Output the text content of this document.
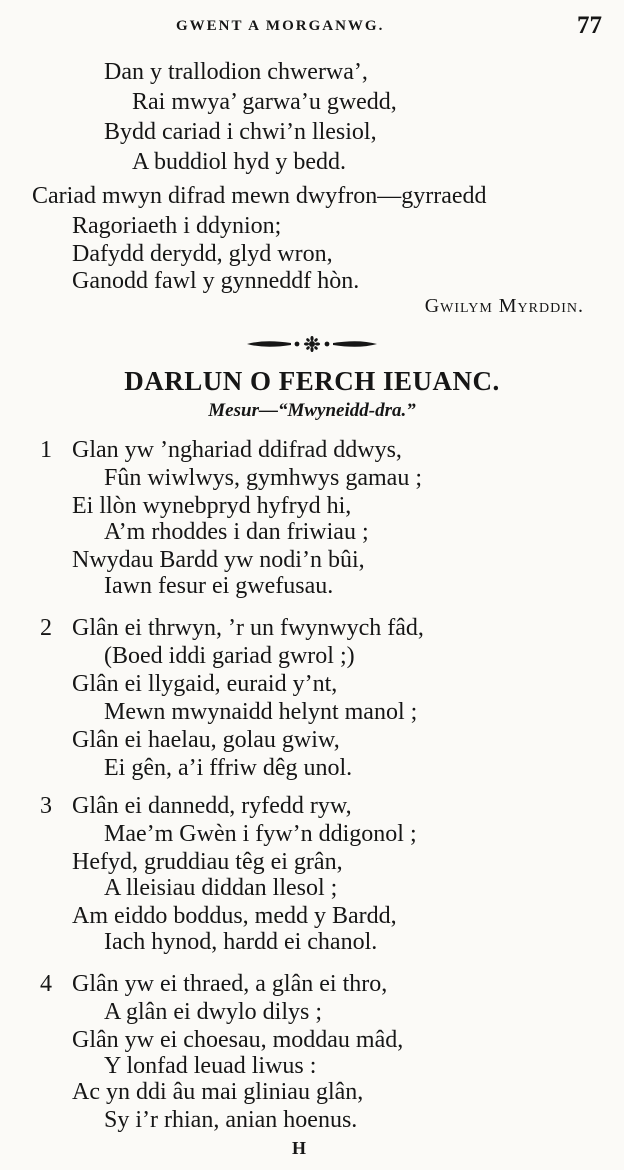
GWENT A MORGANWG.	77
Dan y trallodion chwerwa’,
Rai mwya’ garwa’u gwedd,
Bydd cariad i chwi’n llesiol,
A buddiol hyd y bedd.
Cariad mwyn difrad mewn dwyfron—gyrraedd
Ragoriaeth i ddynion;
Dafydd derydd, glyd wron,
Ganodd fawl y gynneddf hòn.
Gwilym Myrddin.
DARLUN O FERCH IEUANC.
Mesur—“Mwyneidd-dra.”
1 Glan yw ’nghariad ddifrad ddwys,
Fûn wiwlwys, gymhwys gamau ;
Ei llòn wynebpryd hyfryd hi,
A’m rhoddes i dan friwiau ;
Nwydau Bardd yw nodi’n bûi,
Iawn fesur ei gwefusau.
2 Glân ei thrwyn, ’r un fwynwych fâd,
(Boed iddi gariad gwrol ;)
Glân ei llygaid, euraid y’nt,
Mewn mwynaidd helynt manol ;
Glân ei haelau, golau gwiw,
Ei gên, a’i ffriw dêg unol.
3 Glân ei dannedd, ryfedd ryw,
Mae’m Gwèn i fyw’n ddigonol ;
Hefyd, gruddiau têg ei grân,
A lleisiau diddan llesol ;
Am eiddo boddus, medd y Bardd,
Iach hynod, hardd ei chanol.
4 Glân yw ei thraed, a glân ei thro,
A glân ei dwylo dilys ;
Glân yw ei choesau, moddau mâd,
Y lonfad leuad liwus :
Ac yn ddi âu mai gliniau glân,
Sy i’r rhian, anian hoenus.
H
